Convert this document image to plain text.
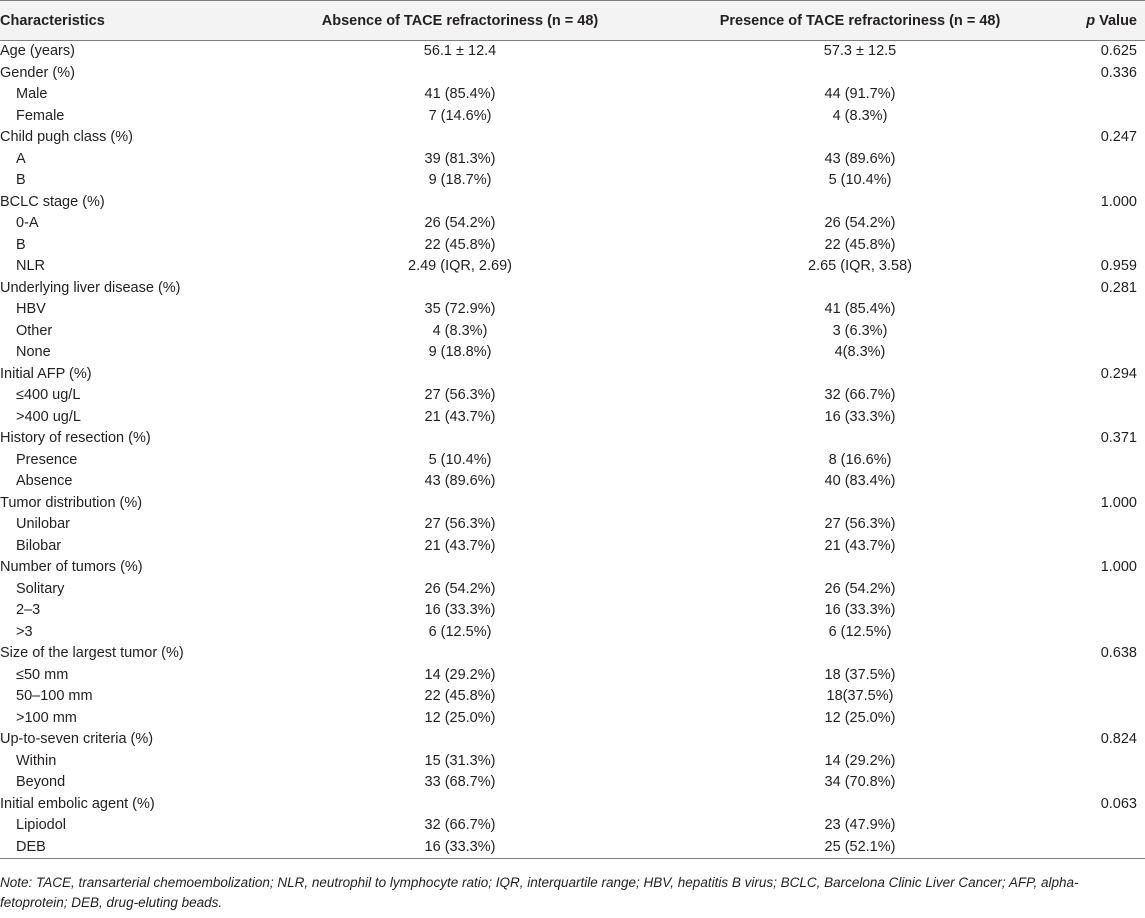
Characteristics	Absence of TACE refractoriness (n = 48)	Presence of TACE refractoriness (n = 48)	p Value
Age (years)	56.1 ± 12.4	57.3 ± 12.5	0.625
Gender (%)			0.336
Male	41 (85.4%)	44 (91.7%)	
Female	7 (14.6%)	4 (8.3%)	
Child pugh class (%)			0.247
A	39 (81.3%)	43 (89.6%)	
B	9 (18.7%)	5 (10.4%)	
BCLC stage (%)			1.000
0-A	26 (54.2%)	26 (54.2%)	
B	22 (45.8%)	22 (45.8%)	
NLR	2.49 (IQR, 2.69)	2.65 (IQR, 3.58)	0.959
Underlying liver disease (%)			0.281
HBV	35 (72.9%)	41 (85.4%)	
Other	4 (8.3%)	3 (6.3%)	
None	9 (18.8%)	4(8.3%)	
Initial AFP (%)			0.294
≤400 ug/L	27 (56.3%)	32 (66.7%)	
>400 ug/L	21 (43.7%)	16 (33.3%)	
History of resection (%)			0.371
Presence	5 (10.4%)	8 (16.6%)	
Absence	43 (89.6%)	40 (83.4%)	
Tumor distribution (%)			1.000
Unilobar	27 (56.3%)	27 (56.3%)	
Bilobar	21 (43.7%)	21 (43.7%)	
Number of tumors (%)			1.000
Solitary	26 (54.2%)	26 (54.2%)	
2–3	16 (33.3%)	16 (33.3%)	
>3	6 (12.5%)	6 (12.5%)	
Size of the largest tumor (%)			0.638
≤50 mm	14 (29.2%)	18 (37.5%)	
50–100 mm	22 (45.8%)	18(37.5%)	
>100 mm	12 (25.0%)	12 (25.0%)	
Up-to-seven criteria (%)			0.824
Within	15 (31.3%)	14 (29.2%)	
Beyond	33 (68.7%)	34 (70.8%)	
Initial embolic agent (%)			0.063
Lipiodol	32 (66.7%)	23 (47.9%)	
DEB	16 (33.3%)	25 (52.1%)	
Note: TACE, transarterial chemoembolization; NLR, neutrophil to lymphocyte ratio; IQR, interquartile range; HBV, hepatitis B virus; BCLC, Barcelona Clinic Liver Cancer; AFP, alpha-fetoprotein; DEB, drug-eluting beads.
